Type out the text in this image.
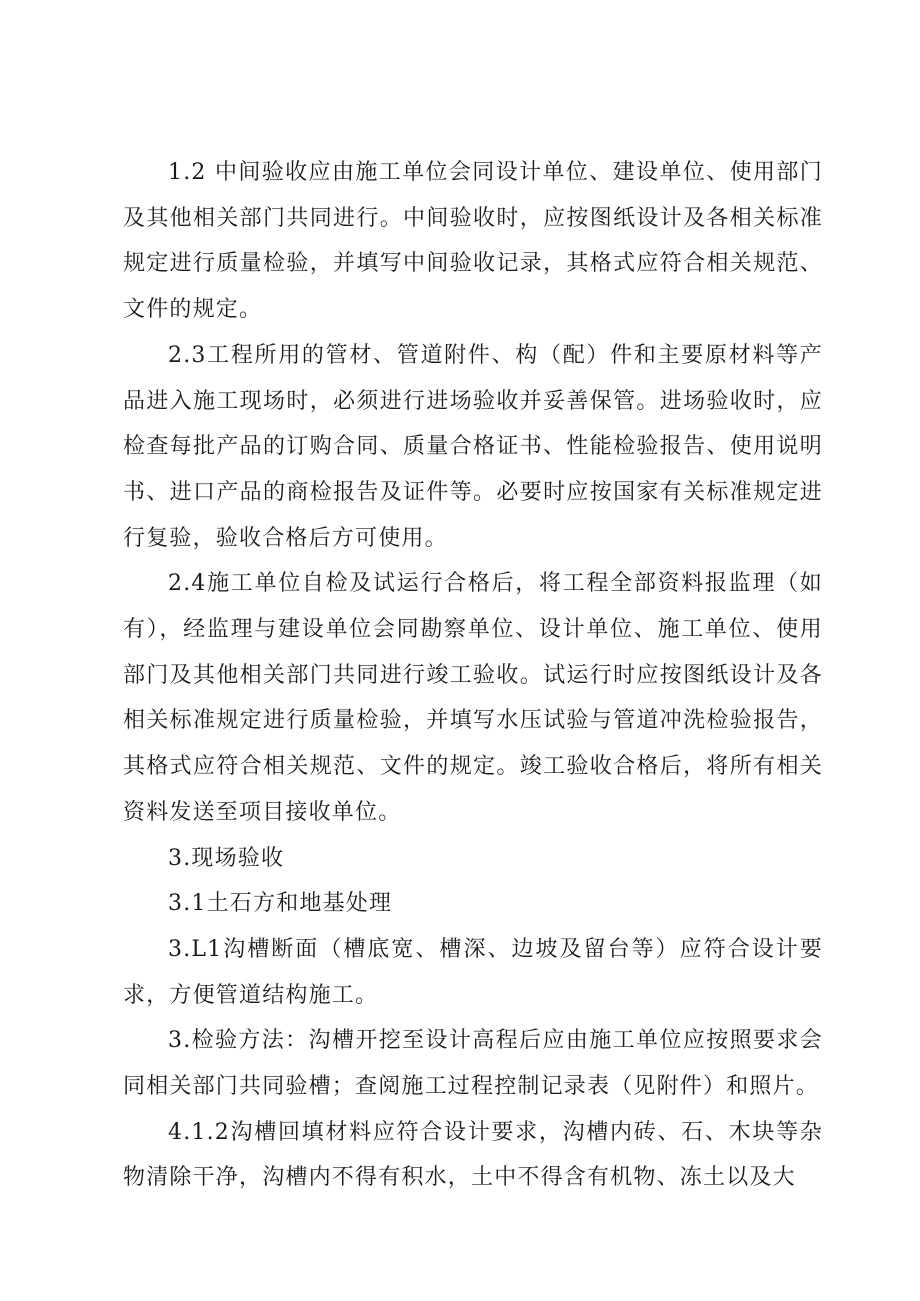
1.2 中间验收应由施工单位会同设计单位、建设单位、使用部门及其他相关部门共同进行。中间验收时，应按图纸设计及各相关标准规定进行质量检验，并填写中间验收记录，其格式应符合相关规范、文件的规定。

2.3工程所用的管材、管道附件、构（配）件和主要原材料等产品进入施工现场时，必须进行进场验收并妥善保管。进场验收时，应检查每批产品的订购合同、质量合格证书、性能检验报告、使用说明书、进口产品的商检报告及证件等。必要时应按国家有关标准规定进行复验，验收合格后方可使用。

2.4施工单位自检及试运行合格后，将工程全部资料报监理（如有），经监理与建设单位会同勘察单位、设计单位、施工单位、使用部门及其他相关部门共同进行竣工验收。试运行时应按图纸设计及各相关标准规定进行质量检验，并填写水压试验与管道冲洗检验报告，其格式应符合相关规范、文件的规定。竣工验收合格后，将所有相关资料发送至项目接收单位。

3.现场验收

3.1土石方和地基处理

3.L1沟槽断面（槽底宽、槽深、边坡及留台等）应符合设计要求，方便管道结构施工。

3.检验方法：沟槽开挖至设计高程后应由施工单位应按照要求会同相关部门共同验槽；查阅施工过程控制记录表（见附件）和照片。

4.1.2沟槽回填材料应符合设计要求，沟槽内砖、石、木块等杂物清除干净，沟槽内不得有积水，土中不得含有机物、冻土以及大
